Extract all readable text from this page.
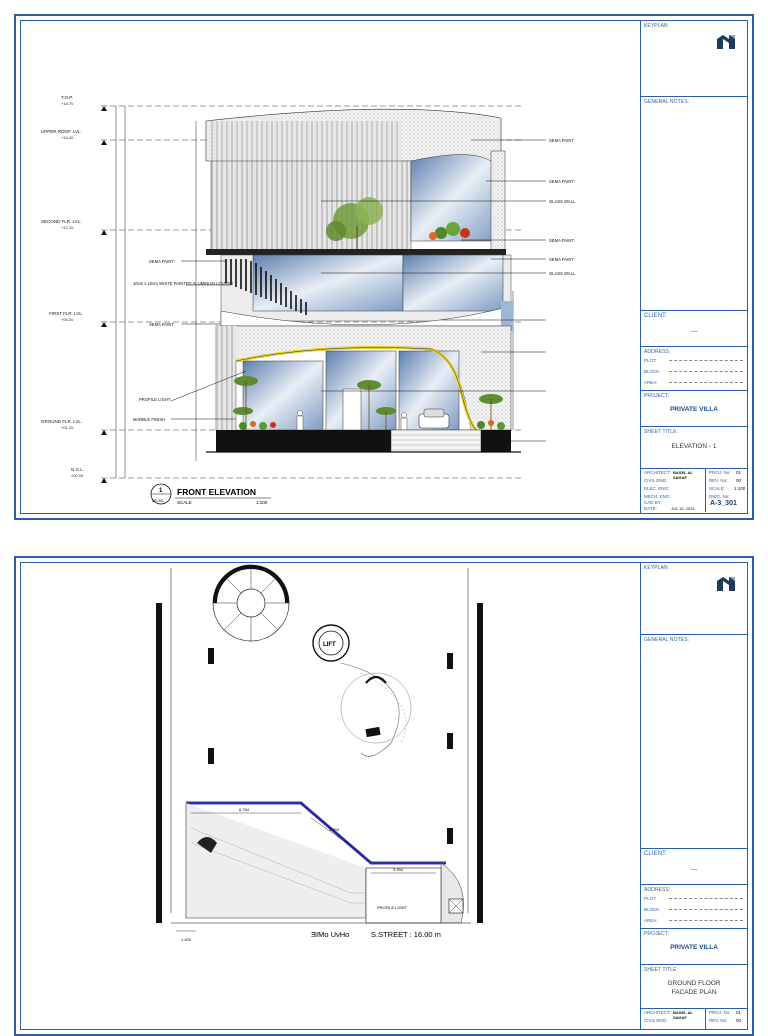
T.O.P.
+18.70
UPPER ROOF. LVL.
+16.40
SECOND FLR. LVL.
+12.20
FIRST FLR. LVL.
+06.20
GROUND FLR. LVL.
+01.20
N.G.L.
±00.00
SEMA PAINT
SEMA PAINT
GLASS WALL
SEMA PAINT
SEMA PAINT
GLASS WALL
SEMA PAINT
10cm x 10cm WHITE PAINTED ALUMINUM LOUVER
SEMA PAINT
PROFILE LIGHT
MARBLE FINISH
1
AR-301
FRONT ELEVATION
SCALE	1:100
KEYPLAN
GENERAL NOTES:
CLIENT:
---
ADDRESS:
PLOT:
BLOCK:
AREA:
PROJECT:
PRIVATE VILLA
SHEET TITLE:
ELEVATION - 1
ARCHITECT: BASEL AL SAHAF
CIVIL ENG:
ELEC. ENG:
MECH. ENG:
CAD BY:
DATE:	JUL 15, 2024
PROJ. No: 01
REV. No: 00
SCALE: 1:100
DWG. No:
A-3_301
LIFT
6.784
3.094
3.294
PROFILE LIGHT
1.400
ƎIMo UvHo	S.STREET : 16.00 m
KEYPLAN
GENERAL NOTES:
CLIENT:
---
ADDRESS:
PLOT:
BLOCK:
AREA:
PROJECT:
PRIVATE VILLA
SHEET TITLE:
GROUND FLOOR
FACADE PLAN
ARCHITECT: BASEL AL SAHAF
CIVIL ENG:
PROJ. No: 01
REV. No: 00
